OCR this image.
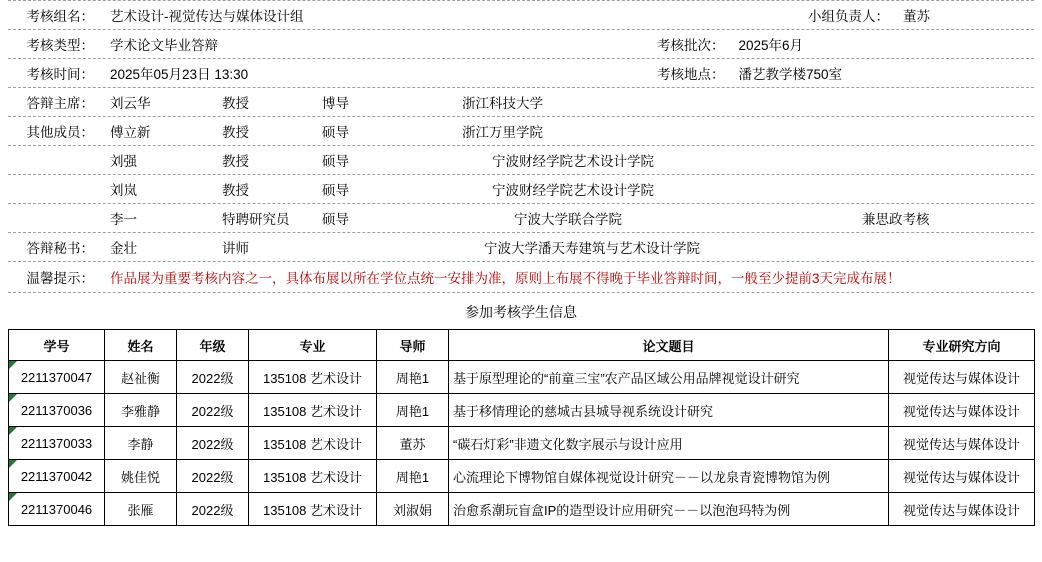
考核组名：	艺术设计-视觉传达与媒体设计组	小组负责人：	董苏
考核类型：	学术论文毕业答辩	考核批次：	2025年6月
考核时间：	2025年05月23日 13:30	考核地点：	潘艺教学楼750室
答辩主席：	刘云华	教授	博导	浙江科技大学
其他成员：	傅立新	教授	硕导	浙江万里学院
刘强	教授	硕导	宁波财经学院艺术设计学院
刘岚	教授	硕导	宁波财经学院艺术设计学院
李一	特聘研究员	硕导	宁波大学联合学院	兼思政考核
答辩秘书：	金壮	讲师	宁波大学潘天寿建筑与艺术设计学院
温馨提示：	作品展为重要考核内容之一，具体布展以所在学位点统一安排为准，原则上布展不得晚于毕业答辩时间，一般至少提前3天完成布展！
参加考核学生信息
学号	姓名	年级	专业	导师	论文题目	专业研究方向
2211370047	赵祉衡	2022级	135108 艺术设计	周艳1	基于原型理论的“前童三宝”农产品区域公用品牌视觉设计研究	视觉传达与媒体设计
2211370036	李雅静	2022级	135108 艺术设计	周艳1	基于移情理论的慈城古县城导视系统设计研究	视觉传达与媒体设计
2211370033	李静	2022级	135108 艺术设计	董苏	“碳石灯彩”非遗文化数字展示与设计应用	视觉传达与媒体设计
2211370042	姚佳悦	2022级	135108 艺术设计	周艳1	心流理论下博物馆自媒体视觉设计研究－－以龙泉青瓷博物馆为例	视觉传达与媒体设计
2211370046	张雁	2022级	135108 艺术设计	刘淑娟	治愈系潮玩盲盒IP的造型设计应用研究－－以泡泡玛特为例	视觉传达与媒体设计
